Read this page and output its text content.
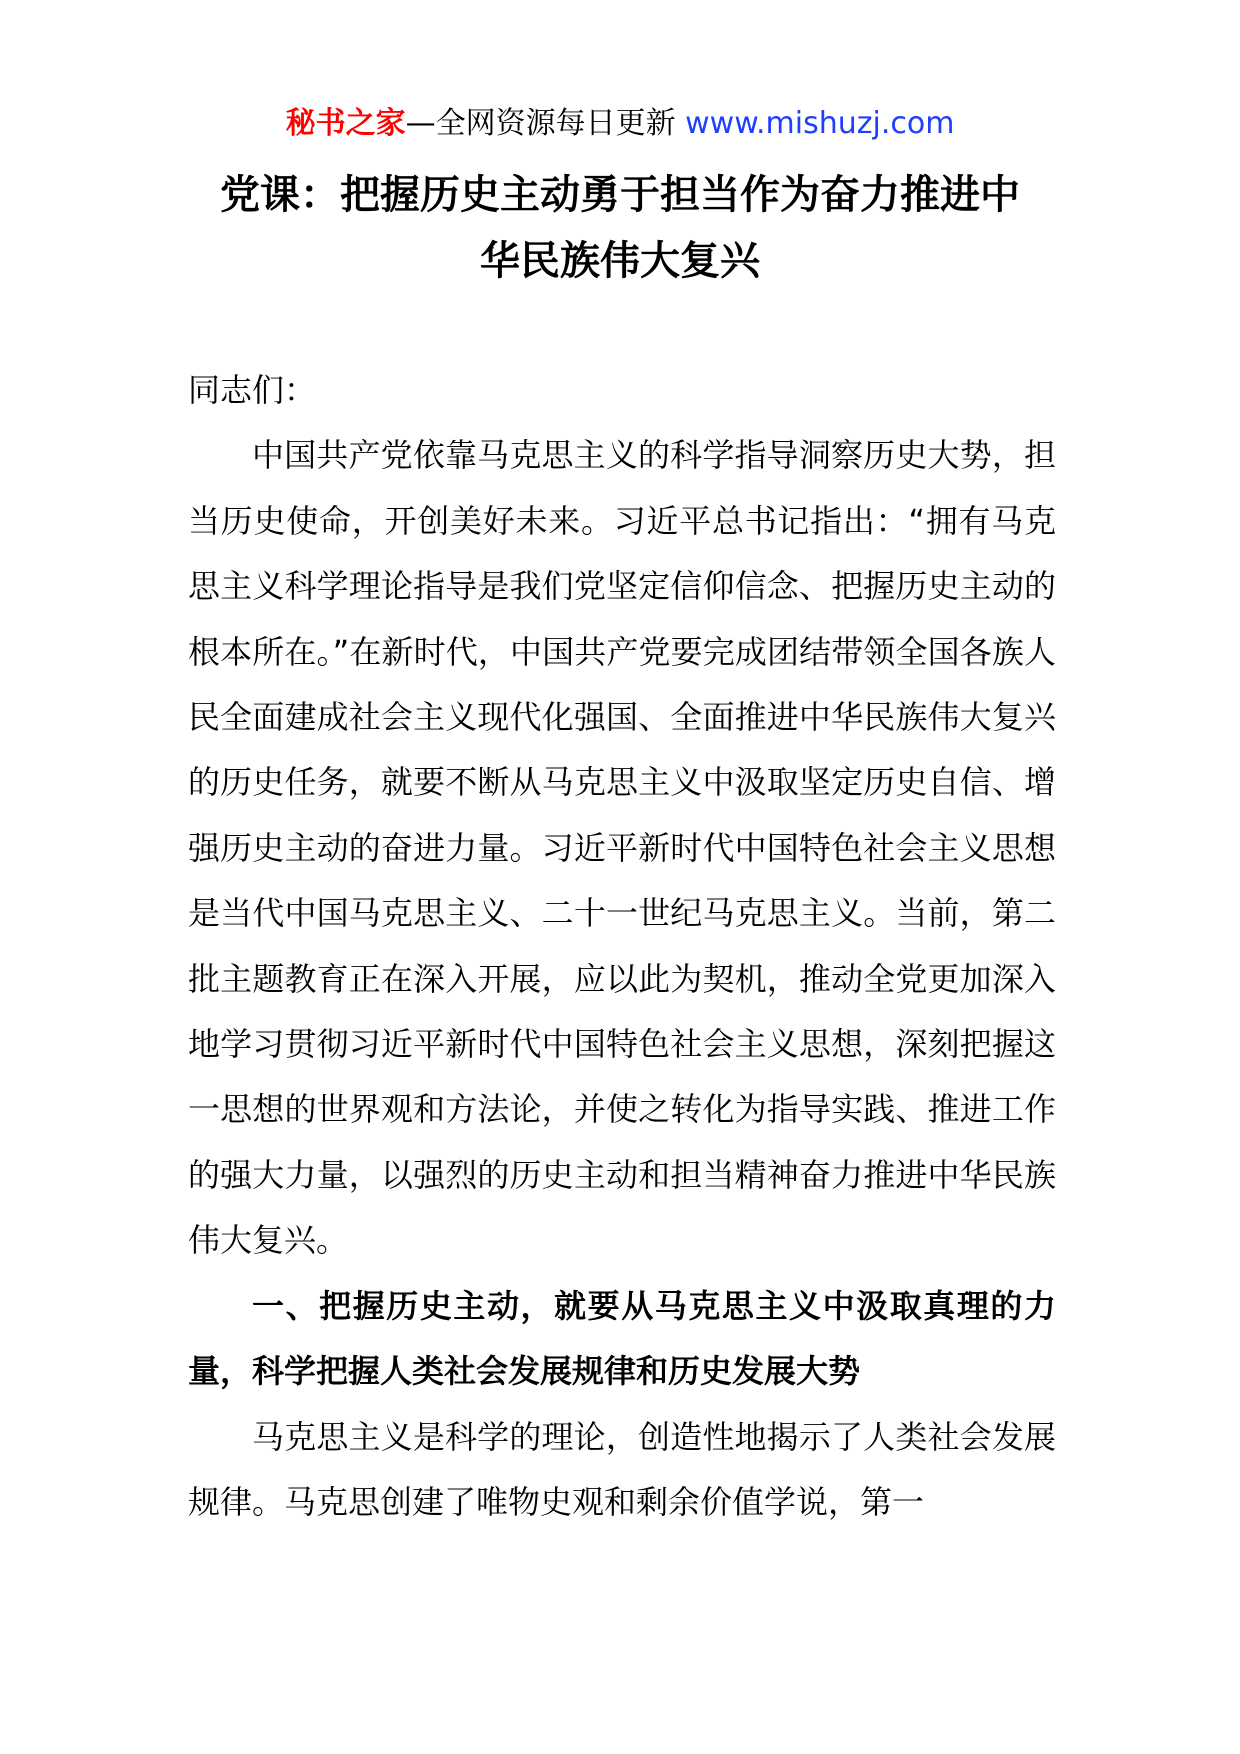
秘书之家—全网资源每日更新 www.mishuzj.com
党课：把握历史主动勇于担当作为奋力推进中
华民族伟大复兴

同志们：

中国共产党依靠马克思主义的科学指导洞察历史大势，担当历史使命，开创美好未来。习近平总书记指出：“拥有马克思主义科学理论指导是我们党坚定信仰信念、把握历史主动的根本所在。”在新时代，中国共产党要完成团结带领全国各族人民全面建成社会主义现代化强国、全面推进中华民族伟大复兴的历史任务，就要不断从马克思主义中汲取坚定历史自信、增强历史主动的奋进力量。习近平新时代中国特色社会主义思想是当代中国马克思主义、二十一世纪马克思主义。当前，第二批主题教育正在深入开展，应以此为契机，推动全党更加深入地学习贯彻习近平新时代中国特色社会主义思想，深刻把握这一思想的世界观和方法论，并使之转化为指导实践、推进工作的强大力量，以强烈的历史主动和担当精神奋力推进中华民族伟大复兴。

一、把握历史主动，就要从马克思主义中汲取真理的力量，科学把握人类社会发展规律和历史发展大势

马克思主义是科学的理论，创造性地揭示了人类社会发展规律。马克思创建了唯物史观和剩余价值学说，第一
